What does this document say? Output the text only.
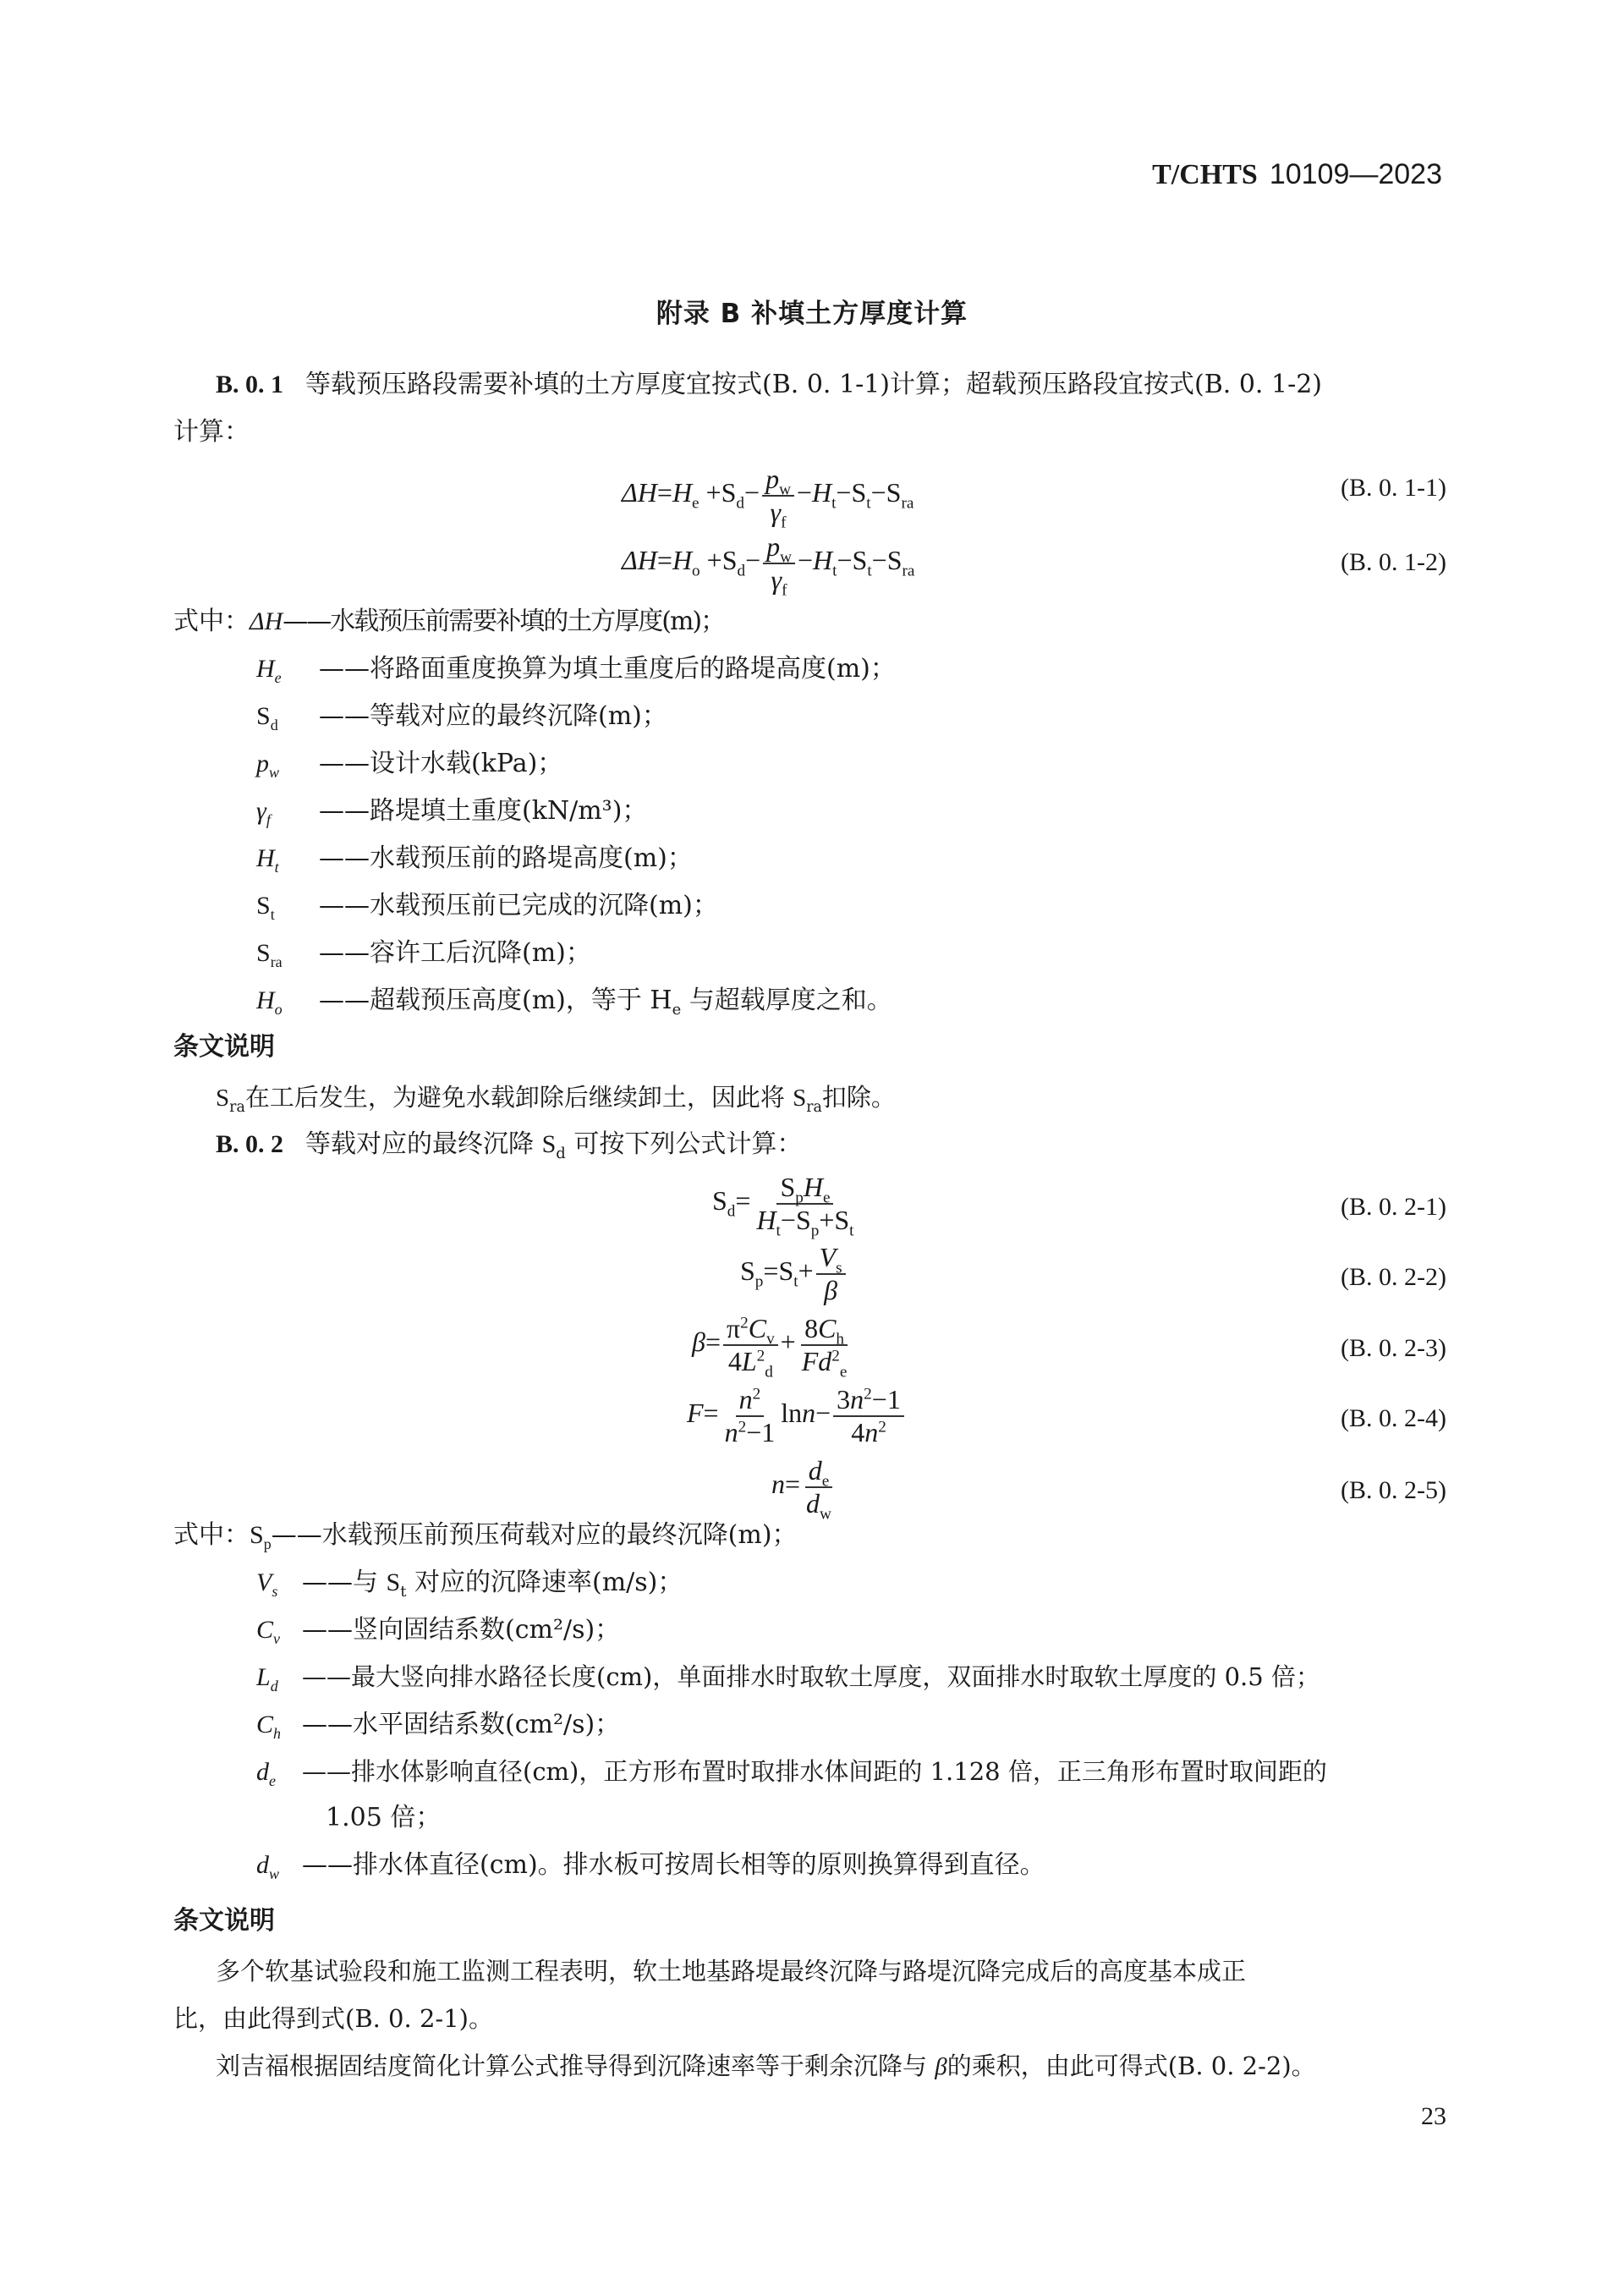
T/CHTS 10109—2023
附录 B 补填土方厚度计算
B. 0. 1 等载预压路段需要补填的土方厚度宜按式(B. 0. 1-1)计算；超载预压路段宜按式(B. 0. 1-2)
计算：
$\Delta H=H_e +S_d- \frac{p_w}{\gamma_f} -H_t-S_t-S_{ra}$
(B. 0. 1-1)
$\Delta H=H_o +S_d- \frac{p_w}{\gamma_f} -H_t-S_t-S_{ra}$	(B. 0. 1-2)
式中：ΔH——水载预压前需要补填的土方厚度(m)；
$H_e$ ——将路面重度换算为填土重度后的路堤高度(m)；
$S_d$ ——等载对应的最终沉降(m)；
$p_w$ ——设计水载(kPa)；
$\gamma_f$ ——路堤填土重度(kN/m³)；
$H_t$ ——水载预压前的路堤高度(m)；
$S_t$ ——水载预压前已完成的沉降(m)；
$S_{ra}$ ——容许工后沉降(m)；
$H_o$ ——超载预压高度(m)，等于 $H_e$ 与超载厚度之和。
条文说明
$S_{ra}$在工后发生，为避免水载卸除后继续卸土，因此将 $S_{ra}$扣除。
B. 0. 2 等载对应的最终沉降 $S_d$ 可按下列公式计算：
$S_d= \frac{S_pH_e}{H_t-S_p+S_t}$	(B. 0. 2-1)
$S_p=S_t+ \frac{V_s}{\beta}$	(B. 0. 2-2)
$\beta= \frac{\pi^2C_v}{4L^2_d} + \frac{8C_h}{Fd^2_e}$	(B. 0. 2-3)
$F= \frac{n^2}{n^2-1} \ln n- \frac{3n^2-1}{4n^2}$	(B. 0. 2-4)
$n= \frac{d_e}{d_w}$	(B. 0. 2-5)
式中：$S_p——$水载预压前预压荷载对应的最终沉降(m)；
$V_s$ ——与 $S_t$ 对应的沉降速率(m/s)；
$C_v$ ——竖向固结系数(cm²/s)；
$L_d$ ——最大竖向排水路径长度(cm)，单面排水时取软土厚度，双面排水时取软土厚度的 0.5 倍；
$C_h$ ——水平固结系数(cm²/s)；
$d_e$ ——排水体影响直径(cm)，正方形布置时取排水体间距的 1.128 倍，正三角形布置时取间距的
1.05 倍；
$d_w$ ——排水体直径(cm)。排水板可按周长相等的原则换算得到直径。
条文说明
多个软基试验段和施工监测工程表明，软土地基路堤最终沉降与路堤沉降完成后的高度基本成正
比，由此得到式(B. 0. 2-1)。
刘吉福根据固结度简化计算公式推导得到沉降速率等于剩余沉降与 β的乘积，由此可得式(B. 0. 2-2)。
23
